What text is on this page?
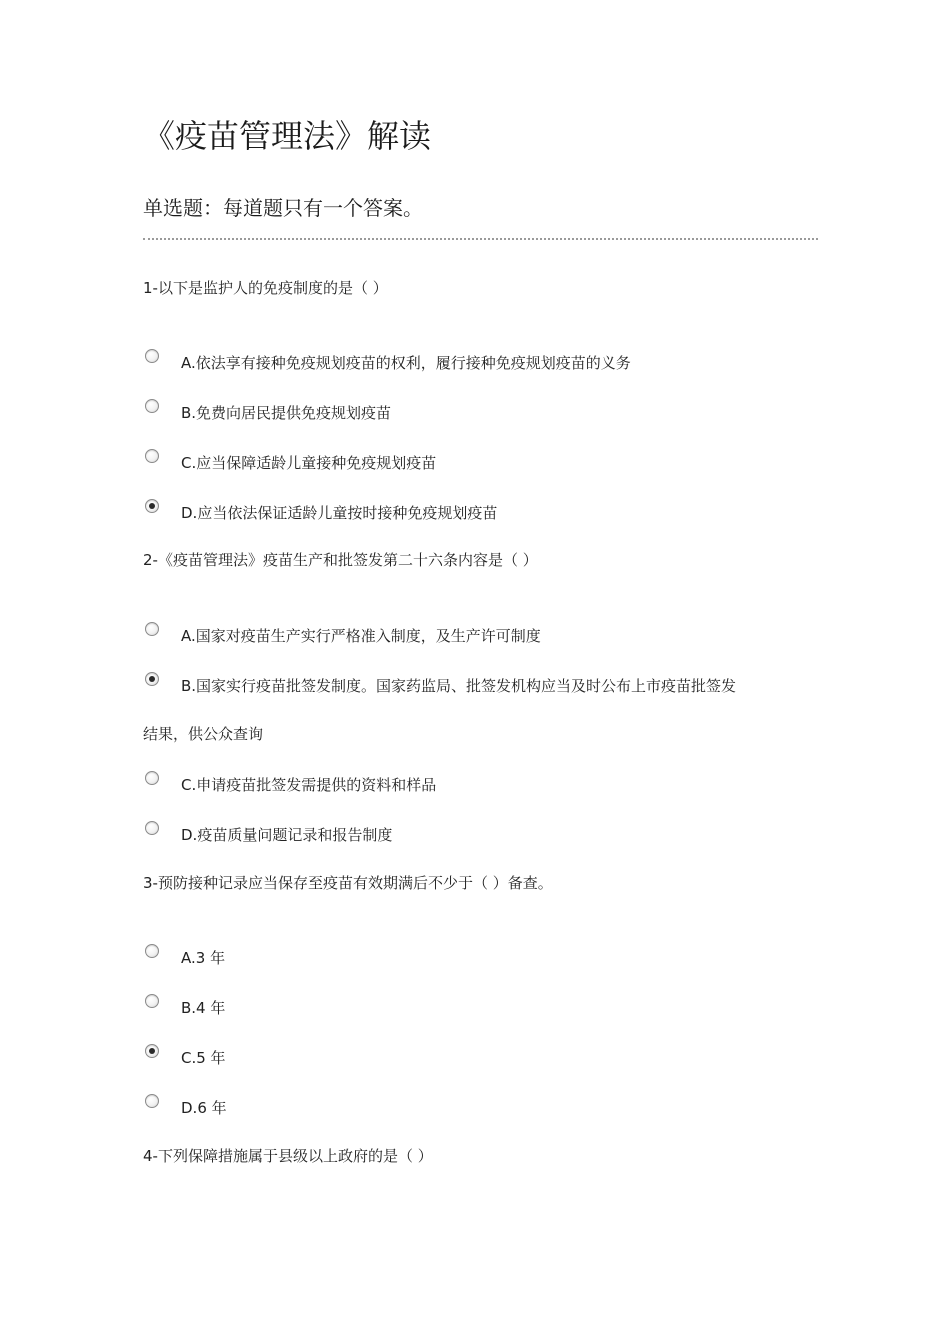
《疫苗管理法》解读
单选题：每道题只有一个答案。
1-以下是监护人的免疫制度的是（ ）
A.依法享有接种免疫规划疫苗的权利，履行接种免疫规划疫苗的义务
B.免费向居民提供免疫规划疫苗
C.应当保障适龄儿童接种免疫规划疫苗
D.应当依法保证适龄儿童按时接种免疫规划疫苗
2-《疫苗管理法》疫苗生产和批签发第二十六条内容是（ ）
A.国家对疫苗生产实行严格准入制度，及生产许可制度
B.国家实行疫苗批签发制度。国家药监局、批签发机构应当及时公布上市疫苗批签发
结果，供公众查询
C.申请疫苗批签发需提供的资料和样品
D.疫苗质量问题记录和报告制度
3-预防接种记录应当保存至疫苗有效期满后不少于（ ）备查。
A.3 年
B.4 年
C.5 年
D.6 年
4-下列保障措施属于县级以上政府的是（ ）
